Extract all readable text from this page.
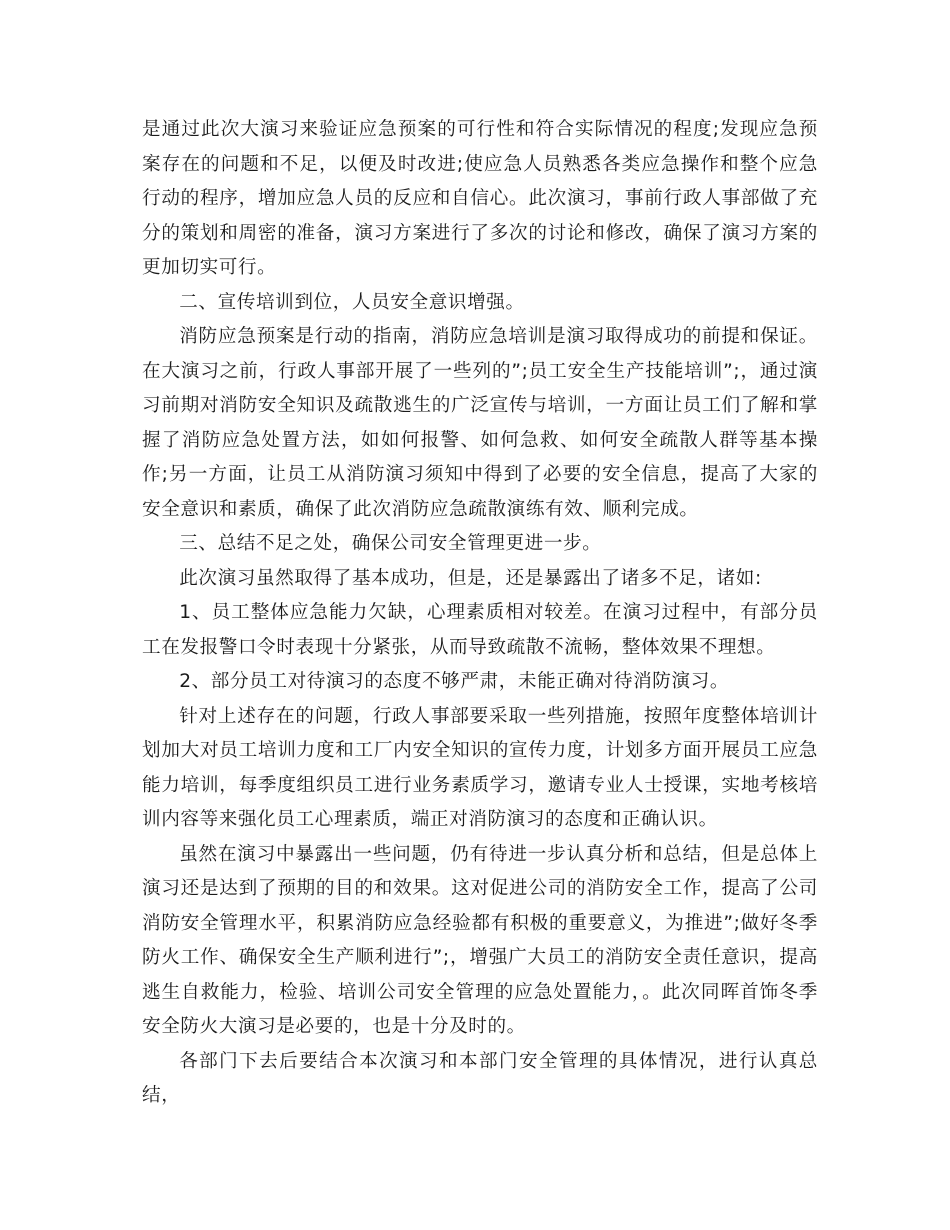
是通过此次大演习来验证应急预案的可行性和符合实际情况的程度;发现应急预案存在的问题和不足，以便及时改进;使应急人员熟悉各类应急操作和整个应急行动的程序，增加应急人员的反应和自信心。此次演习，事前行政人事部做了充分的策划和周密的准备，演习方案进行了多次的讨论和修改，确保了演习方案的更加切实可行。

二、宣传培训到位，人员安全意识增强。

消防应急预案是行动的指南，消防应急培训是演习取得成功的前提和保证。在大演习之前，行政人事部开展了一些列的”;员工安全生产技能培训”;，通过演习前期对消防安全知识及疏散逃生的广泛宣传与培训，一方面让员工们了解和掌握了消防应急处置方法，如如何报警、如何急救、如何安全疏散人群等基本操作;另一方面，让员工从消防演习须知中得到了必要的安全信息，提高了大家的安全意识和素质，确保了此次消防应急疏散演练有效、顺利完成。

三、总结不足之处，确保公司安全管理更进一步。

此次演习虽然取得了基本成功，但是，还是暴露出了诸多不足，诸如:

1、员工整体应急能力欠缺，心理素质相对较差。在演习过程中，有部分员工在发报警口令时表现十分紧张，从而导致疏散不流畅，整体效果不理想。

2、部分员工对待演习的态度不够严肃，未能正确对待消防演习。

针对上述存在的问题，行政人事部要采取一些列措施，按照年度整体培训计划加大对员工培训力度和工厂内安全知识的宣传力度，计划多方面开展员工应急能力培训，每季度组织员工进行业务素质学习，邀请专业人士授课，实地考核培训内容等来强化员工心理素质，端正对消防演习的态度和正确认识。

虽然在演习中暴露出一些问题，仍有待进一步认真分析和总结，但是总体上演习还是达到了预期的目的和效果。这对促进公司的消防安全工作，提高了公司消防安全管理水平，积累消防应急经验都有积极的重要意义，为推进”;做好冬季防火工作、确保安全生产顺利进行”;，增强广大员工的消防安全责任意识，提高逃生自救能力，检验、培训公司安全管理的应急处置能力，。此次同晖首饰冬季安全防火大演习是必要的，也是十分及时的。

各部门下去后要结合本次演习和本部门安全管理的具体情况，进行认真总结，
